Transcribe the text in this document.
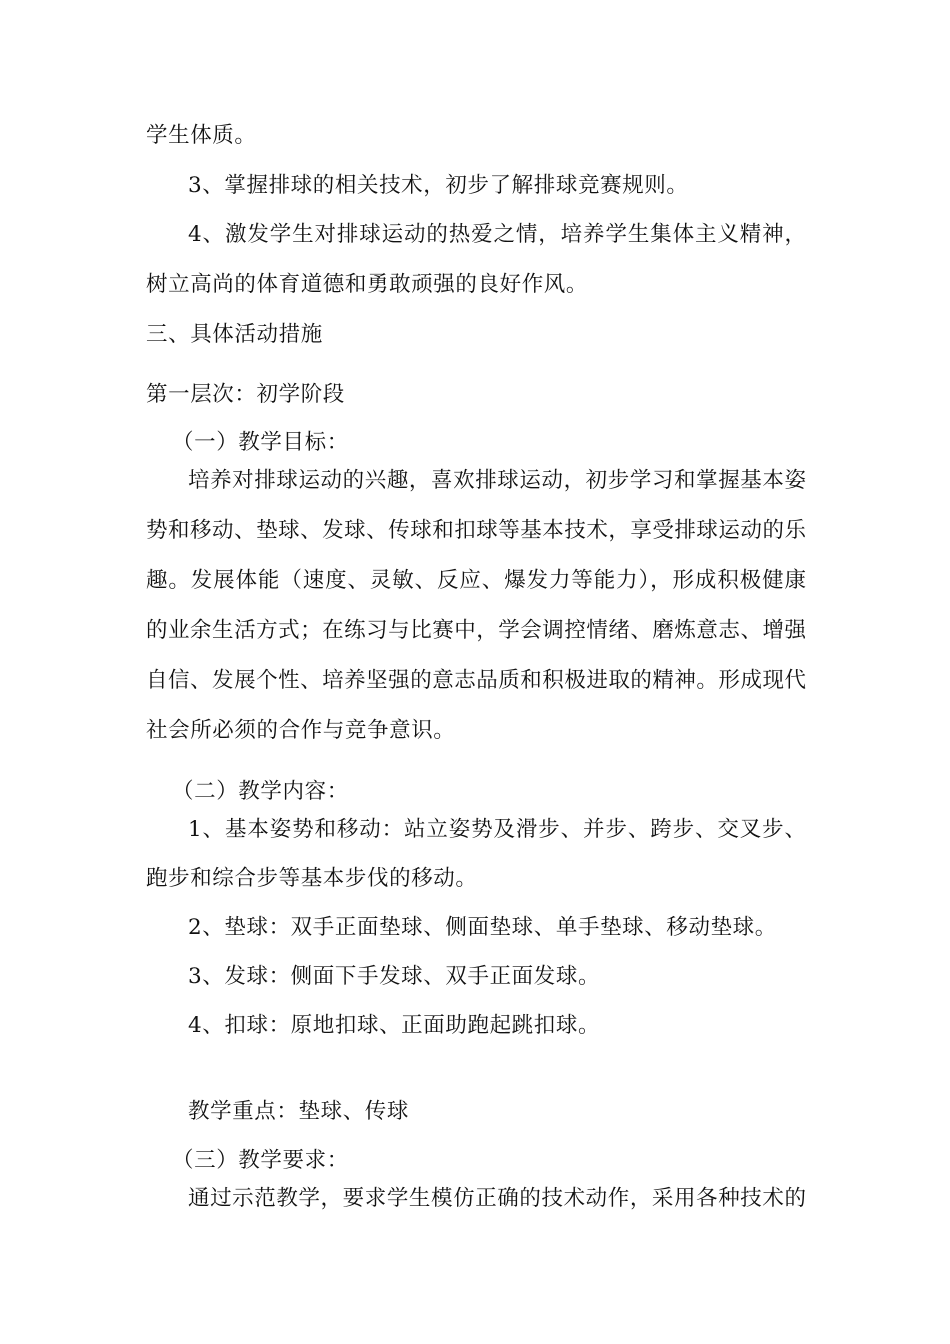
学生体质。
3、掌握排球的相关技术，初步了解排球竞赛规则。
4、激发学生对排球运动的热爱之情，培养学生集体主义精神，
树立高尚的体育道德和勇敢顽强的良好作风。
三、具体活动措施
第一层次：初学阶段
（一）教学目标：
培养对排球运动的兴趣，喜欢排球运动，初步学习和掌握基本姿
势和移动、垫球、发球、传球和扣球等基本技术，享受排球运动的乐
趣。发展体能（速度、灵敏、反应、爆发力等能力），形成积极健康
的业余生活方式；在练习与比赛中，学会调控情绪、磨炼意志、增强
自信、发展个性、培养坚强的意志品质和积极进取的精神。形成现代
社会所必须的合作与竞争意识。
（二）教学内容：
1、基本姿势和移动：站立姿势及滑步、并步、跨步、交叉步、
跑步和综合步等基本步伐的移动。
2、垫球：双手正面垫球、侧面垫球、单手垫球、移动垫球。
3、发球：侧面下手发球、双手正面发球。
4、扣球：原地扣球、正面助跑起跳扣球。
教学重点：垫球、传球
（三）教学要求：
通过示范教学，要求学生模仿正确的技术动作，采用各种技术的
